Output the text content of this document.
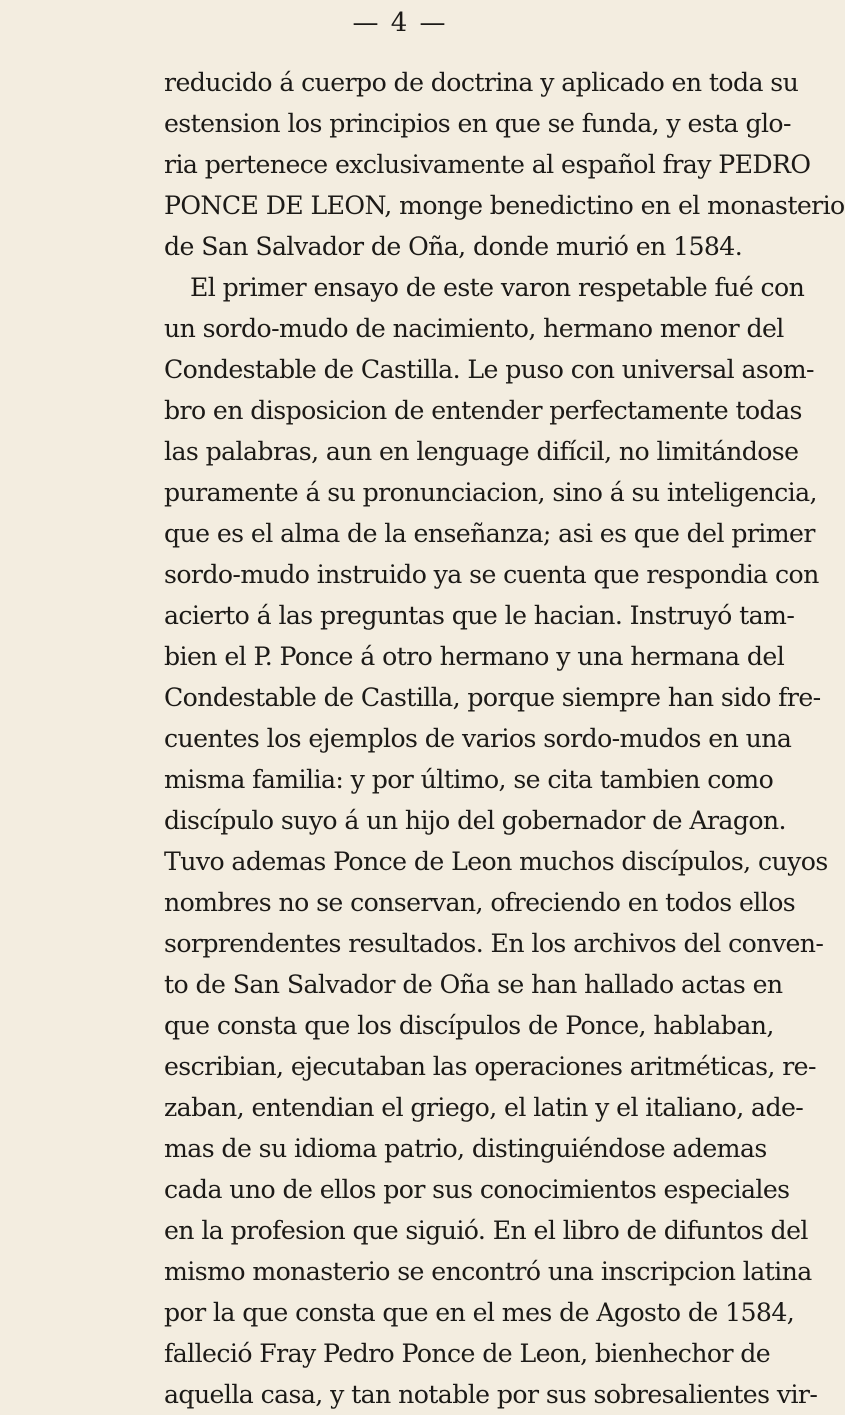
— 4 —
reducido á cuerpo de doctrina y aplicado en toda su
estension los principios en que se funda, y esta glo-
ria pertenece exclusivamente al español fray PEDRO
PONCE DE LEON, monge benedictino en el monasterio
de San Salvador de Oña, donde murió en 1584.
El primer ensayo de este varon respetable fué con
un sordo-mudo de nacimiento, hermano menor del
Condestable de Castilla. Le puso con universal asom-
bro en disposicion de entender perfectamente todas
las palabras, aun en lenguage difícil, no limitándose
puramente á su pronunciacion, sino á su inteligencia,
que es el alma de la enseñanza; asi es que del primer
sordo-mudo instruido ya se cuenta que respondia con
acierto á las preguntas que le hacian. Instruyó tam-
bien el P. Ponce á otro hermano y una hermana del
Condestable de Castilla, porque siempre han sido fre-
cuentes los ejemplos de varios sordo-mudos en una
misma familia: y por último, se cita tambien como
discípulo suyo á un hijo del gobernador de Aragon.
Tuvo ademas Ponce de Leon muchos discípulos, cuyos
nombres no se conservan, ofreciendo en todos ellos
sorprendentes resultados. En los archivos del conven-
to de San Salvador de Oña se han hallado actas en
que consta que los discípulos de Ponce, hablaban,
escribian, ejecutaban las operaciones aritméticas, re-
zaban, entendian el griego, el latin y el italiano, ade-
mas de su idioma patrio, distinguiéndose ademas
cada uno de ellos por sus conocimientos especiales
en la profesion que siguió. En el libro de difuntos del
mismo monasterio se encontró una inscripcion latina
por la que consta que en el mes de Agosto de 1584,
falleció Fray Pedro Ponce de Leon, bienhechor de
aquella casa, y tan notable por sus sobresalientes vir-
